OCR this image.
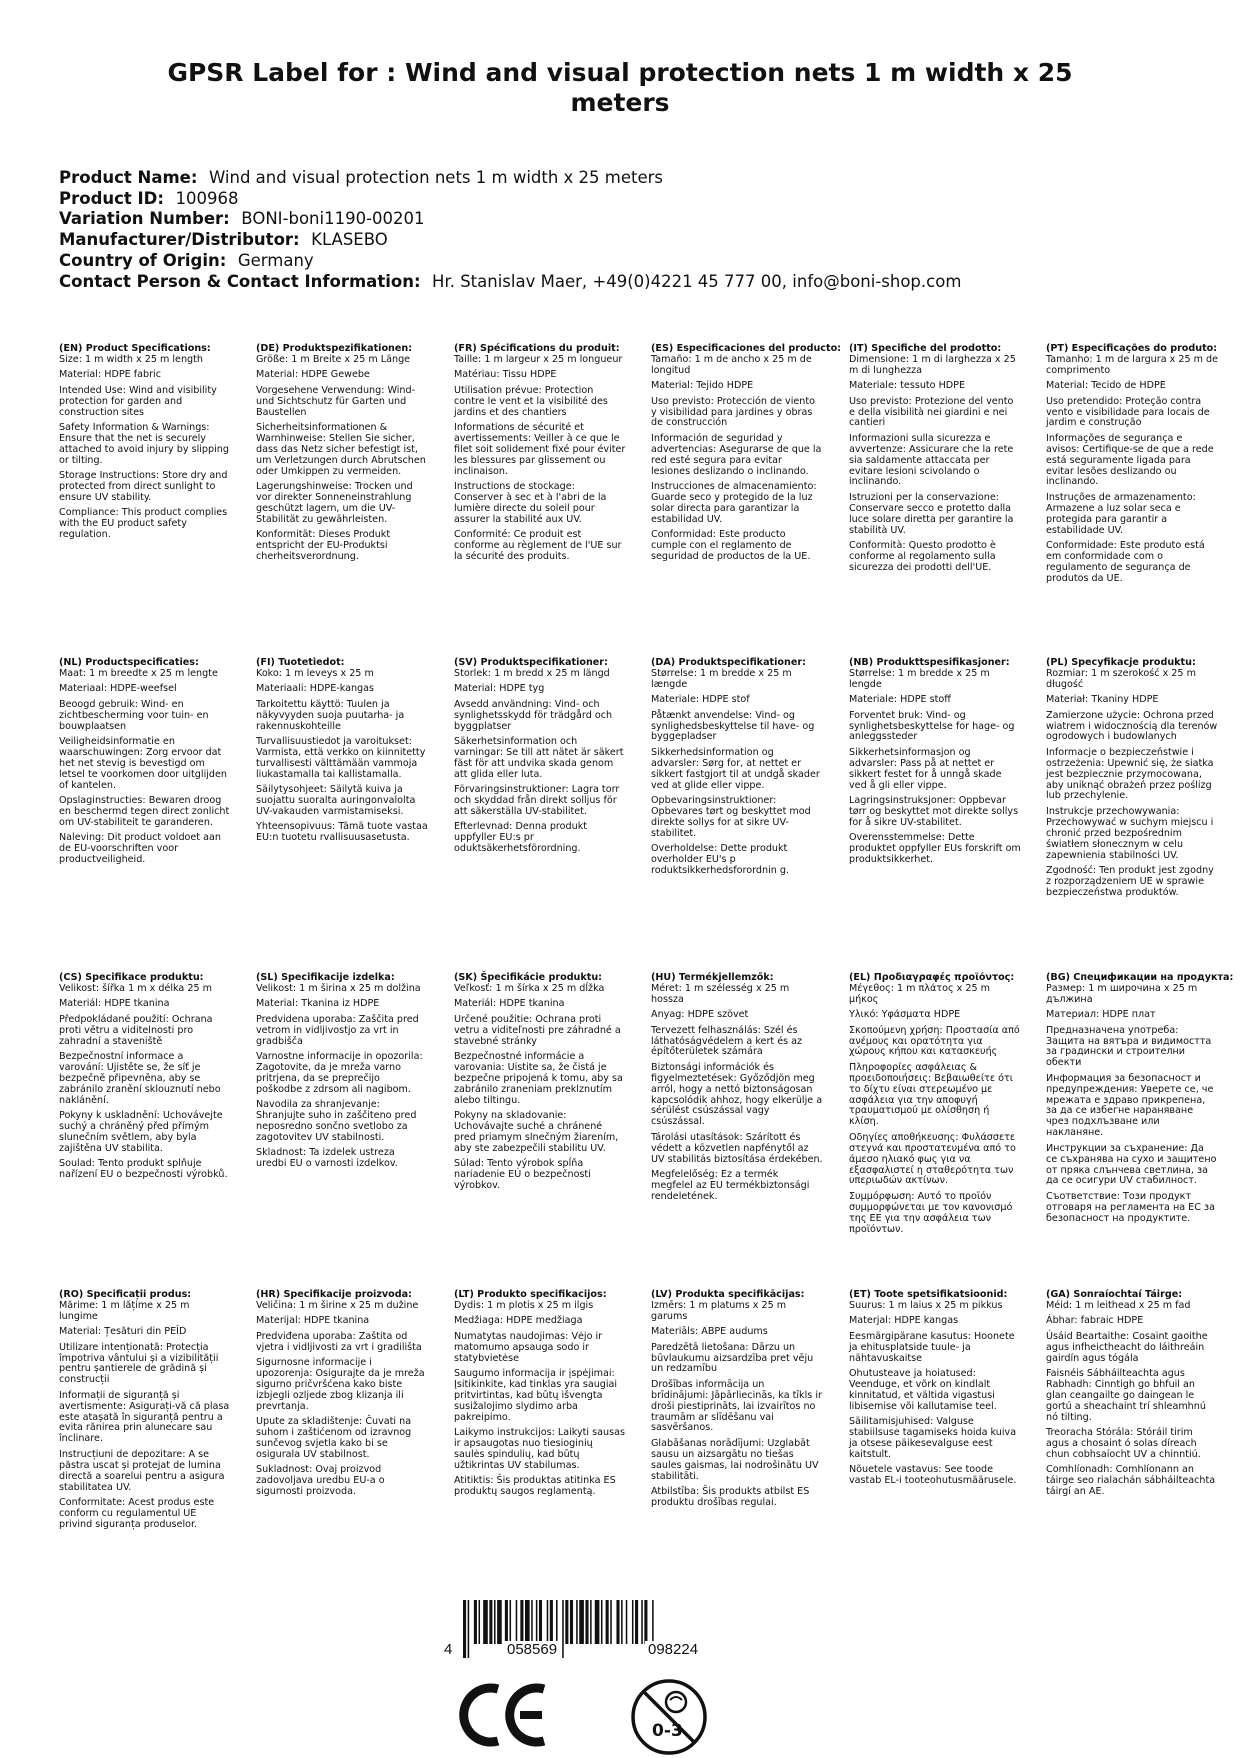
GPSR Label for : Wind and visual protection nets 1 m width x 25 meters
Product Name: Wind and visual protection nets 1 m width x 25 meters
Product ID: 100968
Variation Number: BONI-boni1190-00201
Manufacturer/Distributor: KLASEBO
Country of Origin: Germany
Contact Person & Contact Information: Hr. Stanislav Maer, +49(0)4221 45 777 00, info@boni-shop.com
(EN) Product Specifications:

Size: 1 m width x 25 m length

Material: HDPE fabric

Intended Use: Wind and visibility protection for garden and construction sites

Safety Information & Warnings: Ensure that the net is securely attached to avoid injury by slipping or tilting.

Storage Instructions: Store dry and protected from direct sunlight to ensure UV stability.

Compliance: This product complies with the EU product safety regulation.

(DE) Produktspezifikationen:

Größe: 1 m Breite x 25 m Länge

Material: HDPE Gewebe

Vorgesehene Verwendung: Wind- und Sichtschutz für Garten und Baustellen

Sicherheitsinformationen & Warnhinweise: Stellen Sie sicher, dass das Netz sicher befestigt ist, um Verletzungen durch Abrutschen oder Umkippen zu vermeiden.

Lagerungshinweise: Trocken und vor direkter Sonneneinstrahlung geschützt lagern, um die UV-Stabilität zu gewährleisten.

Konformität: Dieses Produkt entspricht der EU-Produktsi cherheitsverordnung.

(FR) Spécifications du produit:

Taille: 1 m largeur x 25 m longueur

Matériau: Tissu HDPE

Utilisation prévue: Protection contre le vent et la visibilité des jardins et des chantiers

Informations de sécurité et avertissements: Veiller à ce que le filet soit solidement fixé pour éviter les blessures par glissement ou inclinaison.

Instructions de stockage: Conserver à sec et à l'abri de la lumière directe du soleil pour assurer la stabilité aux UV.

Conformité: Ce produit est conforme au règlement de l'UE sur la sécurité des produits.

(ES) Especificaciones del producto:

Tamaño: 1 m de ancho x 25 m de longitud

Material: Tejido HDPE

Uso previsto: Protección de viento y visibilidad para jardines y obras de construcción

Información de seguridad y advertencias: Asegurarse de que la red esté segura para evitar lesiones deslizando o inclinando.

Instrucciones de almacenamiento: Guarde seco y protegido de la luz solar directa para garantizar la estabilidad UV.

Conformidad: Este producto cumple con el reglamento de seguridad de productos de la UE.

(IT) Specifiche del prodotto:

Dimensione: 1 m di larghezza x 25 m di lunghezza

Materiale: tessuto HDPE

Uso previsto: Protezione del vento e della visibilità nei giardini e nei cantieri

Informazioni sulla sicurezza e avvertenze: Assicurare che la rete sia saldamente attaccata per evitare lesioni scivolando o inclinando.

Istruzioni per la conservazione: Conservare secco e protetto dalla luce solare diretta per garantire la stabilità UV.

Conformità: Questo prodotto è conforme al regolamento sulla sicurezza dei prodotti dell'UE.

(PT) Especificações do produto:

Tamanho: 1 m de largura x 25 m de comprimento

Material: Tecido de HDPE

Uso pretendido: Proteção contra vento e visibilidade para locais de jardim e construção

Informações de segurança e avisos: Certifique-se de que a rede está seguramente ligada para evitar lesões deslizando ou inclinando.

Instruções de armazenamento: Armazene a luz solar seca e protegida para garantir a estabilidade UV.

Conformidade: Este produto está em conformidade com o regulamento de segurança de produtos da UE.

(NL) Productspecificaties:

Maat: 1 m breedte x 25 m lengte

Materiaal: HDPE-weefsel

Beoogd gebruik: Wind- en zichtbescherming voor tuin- en bouwplaatsen

Veiligheidsinformatie en waarschuwingen: Zorg ervoor dat het net stevig is bevestigd om letsel te voorkomen door uitglijden of kantelen.

Opslaginstructies: Bewaren droog en beschermd tegen direct zonlicht om UV-stabiliteit te garanderen.

Naleving: Dit product voldoet aan de EU-voorschriften voor productveiligheid.

(FI) Tuotetiedot:

Koko: 1 m leveys x 25 m

Materiaali: HDPE-kangas

Tarkoitettu käyttö: Tuulen ja näkyvyyden suoja puutarha- ja rakennuskohteille

Turvallisuustiedot ja varoitukset: Varmista, että verkko on kiinnitetty turvallisesti välttämään vammoja liukastamalla tai kallistamalla.

Säilytysohjeet: Säilytä kuiva ja suojattu suoralta auringonvalolta UV-vakauden varmistamiseksi.

Yhteensopivuus: Tämä tuote vastaa EU:n tuotetu rvallisuusasetusta.

(SV) Produktspecifikationer:

Storlek: 1 m bredd x 25 m längd

Material: HDPE tyg

Avsedd användning: Vind- och synlighetsskydd för trädgård och byggplatser

Säkerhetsinformation och varningar: Se till att nätet är säkert fäst för att undvika skada genom att glida eller luta.

Förvaringsinstruktioner: Lagra torr och skyddad från direkt solljus för att säkerställa UV-stabilitet.

Efterlevnad: Denna produkt uppfyller EU:s pr oduktsäkerhetsförordning.

(DA) Produktspecifikationer:

Størrelse: 1 m bredde x 25 m længde

Materiale: HDPE stof

Påtænkt anvendelse: Vind- og synlighedsbeskyttelse til have- og byggepladser

Sikkerhedsinformation og advarsler: Sørg for, at nettet er sikkert fastgjort til at undgå skader ved at glide eller vippe.

Opbevaringsinstruktioner: Opbevares tørt og beskyttet mod direkte sollys for at sikre UV-stabilitet.

Overholdelse: Dette produkt overholder EU's p roduktsikkerhedsforordnin g.

(NB) Produkttspesifikasjoner:

Størrelse: 1 m bredde x 25 m lengde

Materiale: HDPE stoff

Forventet bruk: Vind- og synlighetsbeskyttelse for hage- og anleggssteder

Sikkerhetsinformasjon og advarsler: Pass på at nettet er sikkert festet for å unngå skade ved å gli eller vippe.

Lagringsinstruksjoner: Oppbevar tørr og beskyttet mot direkte sollys for å sikre UV-stabilitet.

Overensstemmelse: Dette produktet oppfyller EUs forskrift om produktsikkerhet.

(PL) Specyfikacje produktu:

Rozmiar: 1 m szerokość x 25 m długość

Materiał: Tkaniny HDPE

Zamierzone użycie: Ochrona przed wiatrem i widocznością dla terenów ogrodowych i budowlanych

Informacje o bezpieczeństwie i ostrzeżenia: Upewnić się, że siatka jest bezpiecznie przymocowana, aby uniknąć obrażeń przez poślizg lub przechylenie.

Instrukcje przechowywania: Przechowywać w suchym miejscu i chronić przed bezpośrednim światłem słonecznym w celu zapewnienia stabilności UV.

Zgodność: Ten produkt jest zgodny z rozporządzeniem UE w sprawie bezpieczeństwa produktów.

(CS) Specifikace produktu:

Velikost: šířka 1 m x délka 25 m

Materiál: HDPE tkanina

Předpokládané použití: Ochrana proti větru a viditelnosti pro zahradní a staveniště

Bezpečnostní informace a varování: Ujistěte se, že síť je bezpečně připevněna, aby se zabránilo zranění sklouznutí nebo naklánění.

Pokyny k uskladnění: Uchovávejte suchý a chráněný před přímým slunečním světlem, aby byla zajištěna UV stabilita.

Soulad: Tento produkt splňuje nařízení EU o bezpečnosti výrobků.

(SL) Specifikacije izdelka:

Velikost: 1 m širina x 25 m dolžina

Material: Tkanina iz HDPE

Predvidena uporaba: Zaščita pred vetrom in vidljivostjo za vrt in gradbišča

Varnostne informacije in opozorila: Zagotovite, da je mreža varno pritrjena, da se preprečijo poškodbe z zdrsom ali nagibom.

Navodila za shranjevanje: Shranjujte suho in zaščiteno pred neposredno sončno svetlobo za zagotovitev UV stabilnosti.

Skladnost: Ta izdelek ustreza uredbi EU o varnosti izdelkov.

(SK) Špecifikácie produktu:

Veľkosť: 1 m šírka x 25 m dĺžka

Materiál: HDPE tkanina

Určené použitie: Ochrana proti vetru a viditeľnosti pre záhradné a stavebné stránky

Bezpečnostné informácie a varovania: Uistite sa, že čistá je bezpečne pripojená k tomu, aby sa zabránilo zraneniam preklznutím alebo tiltingu.

Pokyny na skladovanie: Uchovávajte suché a chránené pred priamym slnečným žiarením, aby ste zabezpečili stabilitu UV.

Súlad: Tento výrobok spĺňa nariadenie EÚ o bezpečnosti výrobkov.

(HU) Termékjellemzők:

Méret: 1 m szélesség x 25 m hossza

Anyag: HDPE szövet

Tervezett felhasználás: Szél és láthatóságvédelem a kert és az építőterületek számára

Biztonsági információk és figyelmeztetések: Győződjön meg arról, hogy a nettó biztonságosan kapcsolódik ahhoz, hogy elkerülje a sérülést csúszással vagy csúszással.

Tárolási utasítások: Szárított és védett a közvetlen napfénytől az UV stabilitás biztosítása érdekében.

Megfelelőség: Ez a termék megfelel az EU termékbiztonsági rendeletének.

(EL) Προδιαγραφές προϊόντος:

Μέγεθος: 1 m πλάτος x 25 m μήκος

Υλικό: Υφάσματα HDPE

Σκοπούμενη χρήση: Προστασία από ανέμους και ορατότητα για χώρους κήπου και κατασκευής

Πληροφορίες ασφάλειας & προειδοποιήσεις: Βεβαιωθείτε ότι το δίχτυ είναι στερεωμένο με ασφάλεια για την αποφυγή τραυματισμού με ολίσθηση ή κλίση.

Οδηγίες αποθήκευσης: Φυλάσσετε στεγνά και προστατευμένα από το άμεσο ηλιακό φως για να εξασφαλιστεί η σταθερότητα των υπεριωδών ακτίνων.

Συμμόρφωση: Αυτό το προϊόν συμμορφώνεται με τον κανονισμό της ΕΕ για την ασφάλεια των προϊόντων.

(BG) Спецификации на продукта:

Размер: 1 m широчина x 25 m дължина

Материал: HDPE плат

Предназначена употреба: Защита на вятъра и видимостта за градински и строителни обекти

Информация за безопасност и предупреждения: Уверете се, че мрежата е здраво прикрепена, за да се избегне нараняване чрез подхлъзване или накланяне.

Инструкции за съхранение: Да се съхранява на сухо и защитено от пряка слънчева светлина, за да се осигури UV стабилност.

Съответствие: Този продукт отговаря на регламента на ЕС за безопасност на продуктите.

(RO) Specificații produs:

Mărime: 1 m lățime x 25 m lungime

Material: Țesături din PEÎD

Utilizare intenționată: Protecția împotriva vântului și a vizibilității pentru șantierele de grădină și construcții

Informații de siguranță și avertismente: Asigurați-vă că plasa este atașată în siguranță pentru a evita rănirea prin alunecare sau înclinare.

Instrucțiuni de depozitare: A se păstra uscat și protejat de lumina directă a soarelui pentru a asigura stabilitatea UV.

Conformitate: Acest produs este conform cu regulamentul UE privind siguranța produselor.

(HR) Specifikacije proizvoda:

Veličina: 1 m širine x 25 m dužine

Materijal: HDPE tkanina

Predviđena uporaba: Zaštita od vjetra i vidljivosti za vrt i gradilišta

Sigurnosne informacije i upozorenja: Osigurajte da je mreža sigurno pričvršćena kako biste izbjegli ozljede zbog klizanja ili prevrtanja.

Upute za skladištenje: Čuvati na suhom i zaštićenom od izravnog sunčevog svjetla kako bi se osigurala UV stabilnost.

Sukladnost: Ovaj proizvod zadovoljava uredbu EU-a o sigurnosti proizvoda.

(LT) Produkto specifikacijos:

Dydis: 1 m plotis x 25 m ilgis

Medžiaga: HDPE medžiaga

Numatytas naudojimas: Vėjo ir matomumo apsauga sodo ir statybvietėse

Saugumo informacija ir įspėjimai: Įsitikinkite, kad tinklas yra saugiai pritvirtintas, kad būtų išvengta susižalojimo slydimo arba pakreipimo.

Laikymo instrukcijos: Laikyti sausas ir apsaugotas nuo tiesioginių saulės spindulių, kad būtų užtikrintas UV stabilumas.

Atitiktis: Šis produktas atitinka ES produktų saugos reglamentą.

(LV) Produkta specifikācijas:

Izmērs: 1 m platums x 25 m garums

Materiāls: ABPE audums

Paredzētā lietošana: Dārzu un būvlaukumu aizsardzība pret vēju un redzamību

Drošības informācija un brīdinājumi: Jāpārliecinās, ka tīkls ir droši piestiprināts, lai izvairītos no traumām ar slīdēšanu vai sasvēršanos.

Glabāšanas norādījumi: Uzglabāt sausu un aizsargātu no tiešas saules gaismas, lai nodrošinātu UV stabilitāti.

Atbilstība: Šis produkts atbilst ES produktu drošības regulai.

(ET) Toote spetsifikatsioonid:

Suurus: 1 m laius x 25 m pikkus

Materjal: HDPE kangas

Eesmärgipärane kasutus: Hoonete ja ehitusplatside tuule- ja nähtavuskaitse

Ohutusteave ja hoiatused: Veenduge, et võrk on kindlalt kinnitatud, et vältida vigastusi libisemise või kallutamise teel.

Säilitamisjuhised: Valguse stabiilsuse tagamiseks hoida kuiva ja otsese päikesevalguse eest kaitstult.

Nõuetele vastavus: See toode vastab EL-i tooteohutusmäärusele.

(GA) Sonraíochtaí Táirge:

Méid: 1 m leithead x 25 m fad

Ábhar: fabraic HDPE

Úsáid Beartaithe: Cosaint gaoithe agus infheictheacht do láithreáin gairdín agus tógála

Faisnéis Sábháilteachta agus Rabhadh: Cinntigh go bhfuil an glan ceangailte go daingean le gortú a sheachaint trí shleamhnú nó tilting.

Treoracha Stórála: Stóráil tirim agus a chosaint ó solas díreach chun cobhsaíocht UV a chinntiú.

Comhlíonadh: Comhlíonann an táirge seo rialachán sábháilteachta táirgí an AE.

4	058569	098224
0-3
